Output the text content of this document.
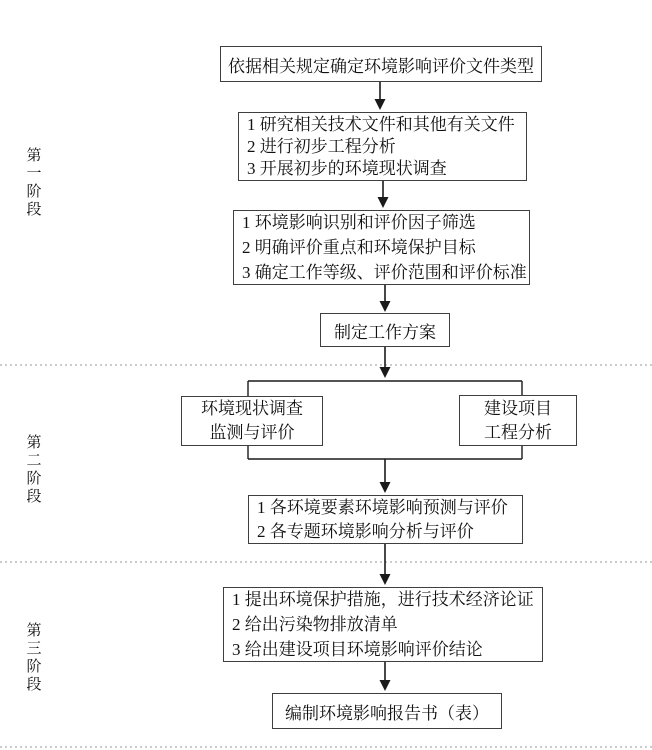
第一阶段
第二阶段
第三阶段
依据相关规定确定环境影响评价文件类型
1 研究相关技术文件和其他有关文件
2 进行初步工程分析
3 开展初步的环境现状调查
1 环境影响识别和评价因子筛选
2 明确评价重点和环境保护目标
3 确定工作等级、评价范围和评价标准
制定工作方案
环境现状调查
监测与评价
建设项目
工程分析
1 各环境要素环境影响预测与评价
2 各专题环境影响分析与评价
1 提出环境保护措施，进行技术经济论证
2 给出污染物排放清单
3 给出建设项目环境影响评价结论
编制环境影响报告书（表）
